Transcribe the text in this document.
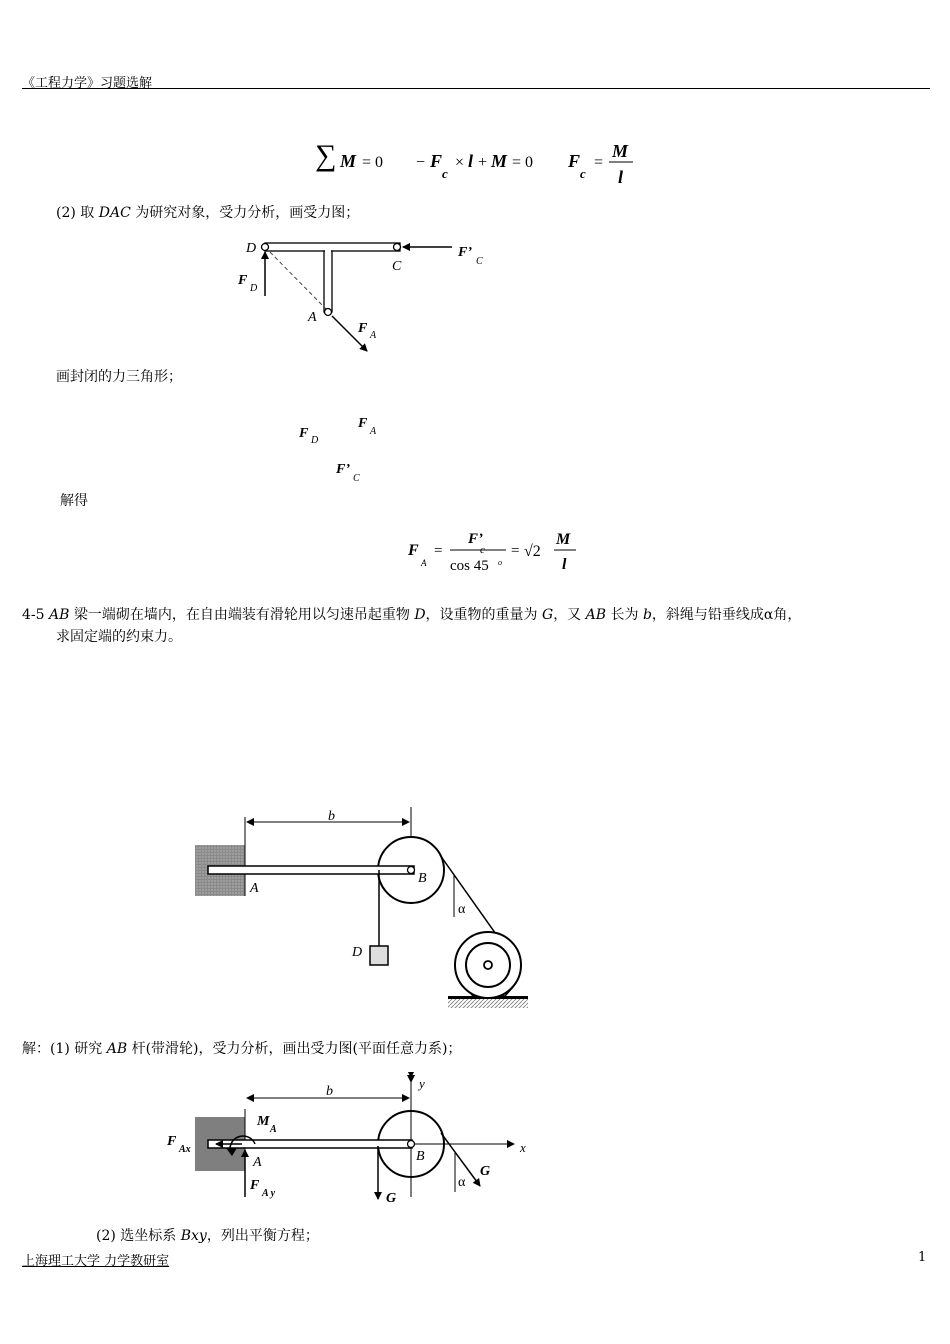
《工程力学》习题选解
∑ M = 0 − F
c
× l + M = 0 F
c
=
M
l
(2) 取 DAC 为研究对象，受力分析，画受力图；
D
C
A
F’
C
F
D
F A
画封闭的力三角形；
F D
F
A
F’
C
解得
F
A
=
F’
c
cos 45 o
= √2
M
l
4-5 AB 梁一端砌在墙内，在自由端装有滑轮用以匀速吊起重物 D，设重物的重量为 G，又 AB 长为 b，斜绳与铅垂线成α角，
求固定端的约束力。
b
A
B
D
α
解：(1) 研究 AB 杆(带滑轮)，受力分析，画出受力图(平面任意力系)；
y
x
b
M
A
F
Ax
F
A y
A	B
G
G
α
(2) 选坐标系 Bxy，列出平衡方程；
上海理工大学 力学教研室	1
